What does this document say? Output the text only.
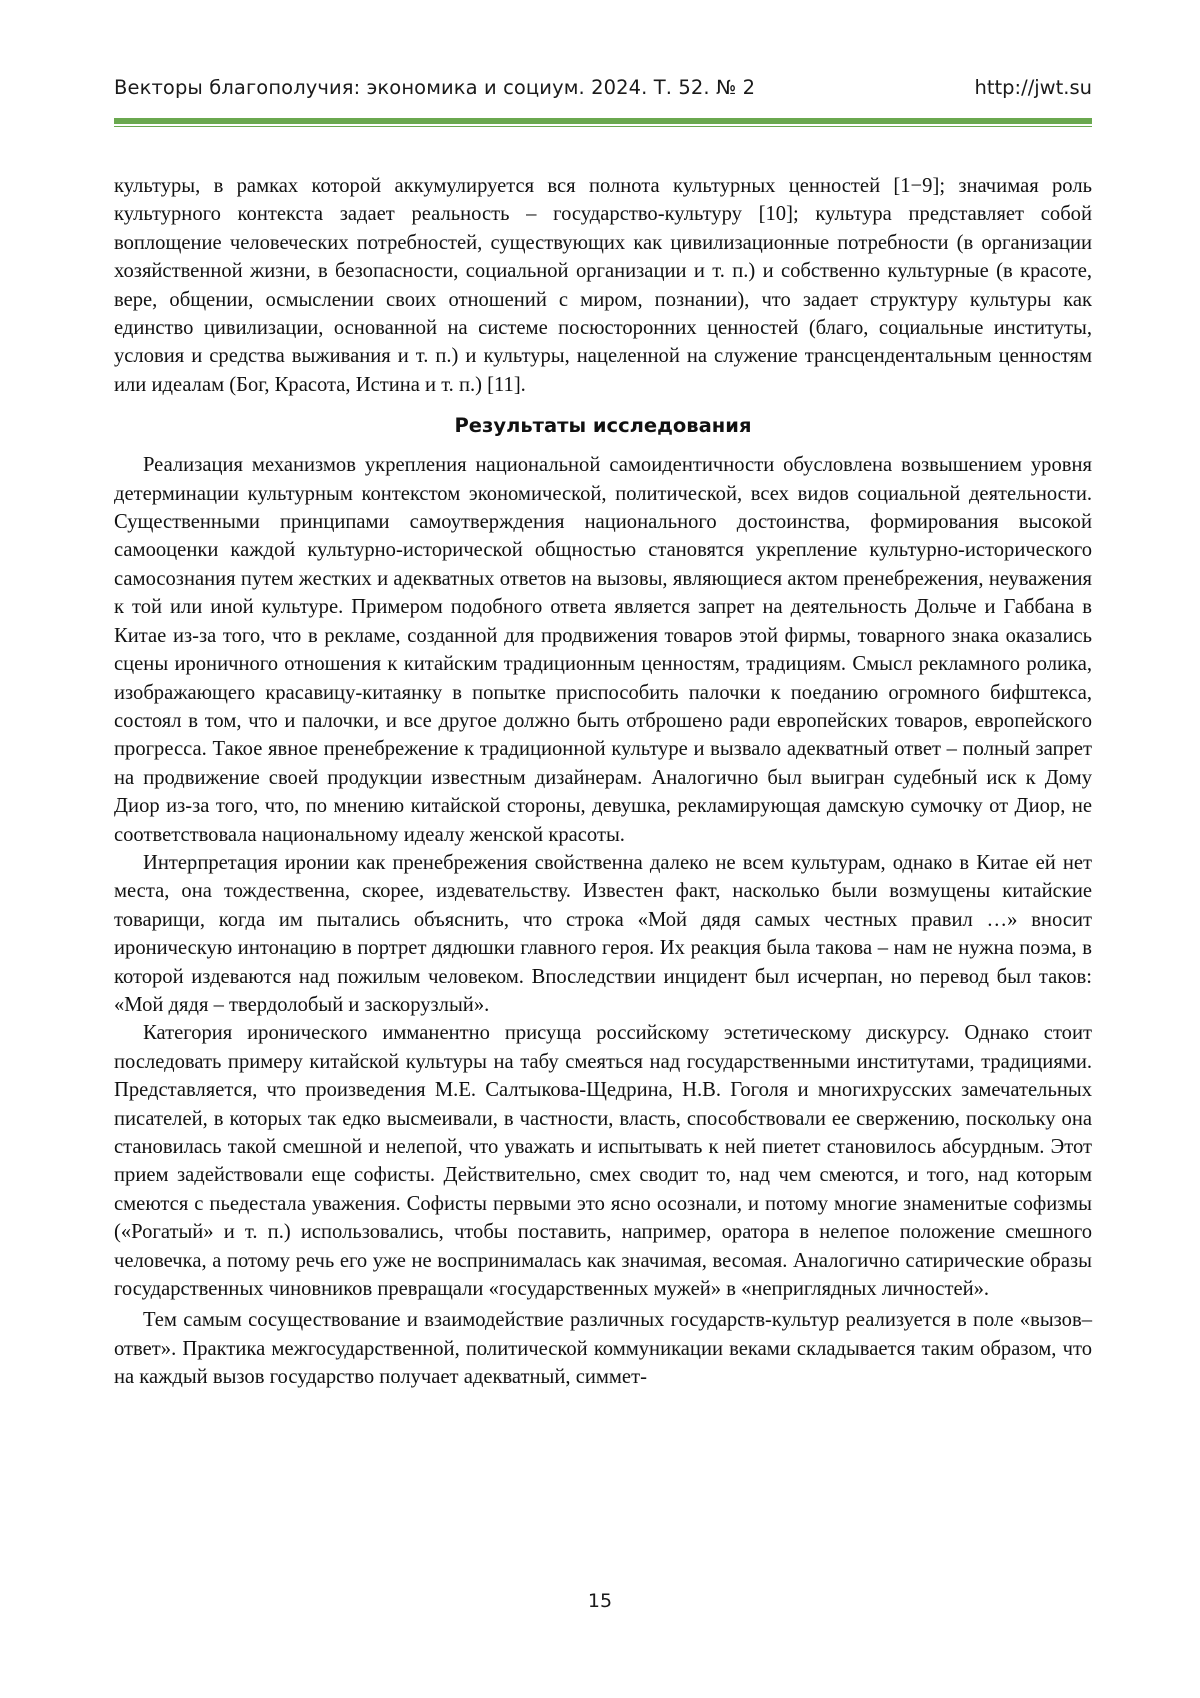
Векторы благополучия: экономика и социум. 2024. Т. 52. № 2	http://jwt.su

культуры, в рамках которой аккумулируется вся полнота культурных ценностей [1−9]; значимая роль культурного контекста задает реальность – государство-культуру [10]; культура представляет собой воплощение человеческих потребностей, существующих как цивилизационные потребности (в организации хозяйственной жизни, в безопасности, социальной организации и т. п.) и собственно культурные (в красоте, вере, общении, осмыслении своих отношений с миром, познании), что задает структуру культуры как единство цивилизации, основанной на системе посюсторонних ценностей (благо, социальные институты, условия и средства выживания и т. п.) и культуры, нацеленной на служение трансцендентальным ценностям или идеалам (Бог, Красота, Истина и т. п.) [11].

Результаты исследования

Реализация механизмов укрепления национальной самоидентичности обусловлена возвышением уровня детерминации культурным контекстом экономической, политической, всех видов социальной деятельности. Существенными принципами самоутверждения национального достоинства, формирования высокой самооценки каждой культурно-исторической общностью становятся укрепление культурно-исторического самосознания путем жестких и адекватных ответов на вызовы, являющиеся актом пренебрежения, неуважения к той или иной культуре. Примером подобного ответа является запрет на деятельность Дольче и Габбана в Китае из-за того, что в рекламе, созданной для продвижения товаров этой фирмы, товарного знака оказались сцены ироничного отношения к китайским традиционным ценностям, традициям. Смысл рекламного ролика, изображающего красавицу-китаянку в попытке приспособить палочки к поеданию огромного бифштекса, состоял в том, что и палочки, и все другое должно быть отброшено ради европейских товаров, европейского прогресса. Такое явное пренебрежение к традиционной культуре и вызвало адекватный ответ – полный запрет на продвижение своей продукции известным дизайнерам. Аналогично был выигран судебный иск к Дому Диор из-за того, что, по мнению китайской стороны, девушка, рекламирующая дамскую сумочку от Диор, не соответствовала национальному идеалу женской красоты.

Интерпретация иронии как пренебрежения свойственна далеко не всем культурам, однако в Китае ей нет места, она тождественна, скорее, издевательству. Известен факт, насколько были возмущены китайские товарищи, когда им пытались объяснить, что строка «Мой дядя самых честных правил …» вносит ироническую интонацию в портрет дядюшки главного героя. Их реакция была такова – нам не нужна поэма, в которой издеваются над пожилым человеком. Впоследствии инцидент был исчерпан, но перевод был таков: «Мой дядя – твердолобый и заскорузлый».

Категория иронического имманентно присуща российскому эстетическому дискурсу. Однако стоит последовать примеру китайской культуры на табу смеяться над государственными институтами, традициями. Представляется, что произведения М.Е. Салтыкова-Щедрина, Н.В. Гоголя и многихрусских замечательных писателей, в которых так едко высмеивали, в частности, власть, способствовали ее свержению, поскольку она становилась такой смешной и нелепой, что уважать и испытывать к ней пиетет становилось абсурдным. Этот прием задействовали еще софисты. Действительно, смех сводит то, над чем смеются, и того, над которым смеются с пьедестала уважения. Софисты первыми это ясно осознали, и потому многие знаменитые софизмы («Рогатый» и т. п.) использовались, чтобы поставить, например, оратора в нелепое положение смешного человечка, а потому речь его уже не воспринималась как значимая, весомая. Аналогично сатирические образы государственных чиновников превращали «государственных мужей» в «неприглядных личностей».

Тем самым сосуществование и взаимодействие различных государств-культур реализуется в поле «вызов–ответ». Практика межгосударственной, политической коммуникации веками складывается таким образом, что на каждый вызов государство получает адекватный, симмет-

15
